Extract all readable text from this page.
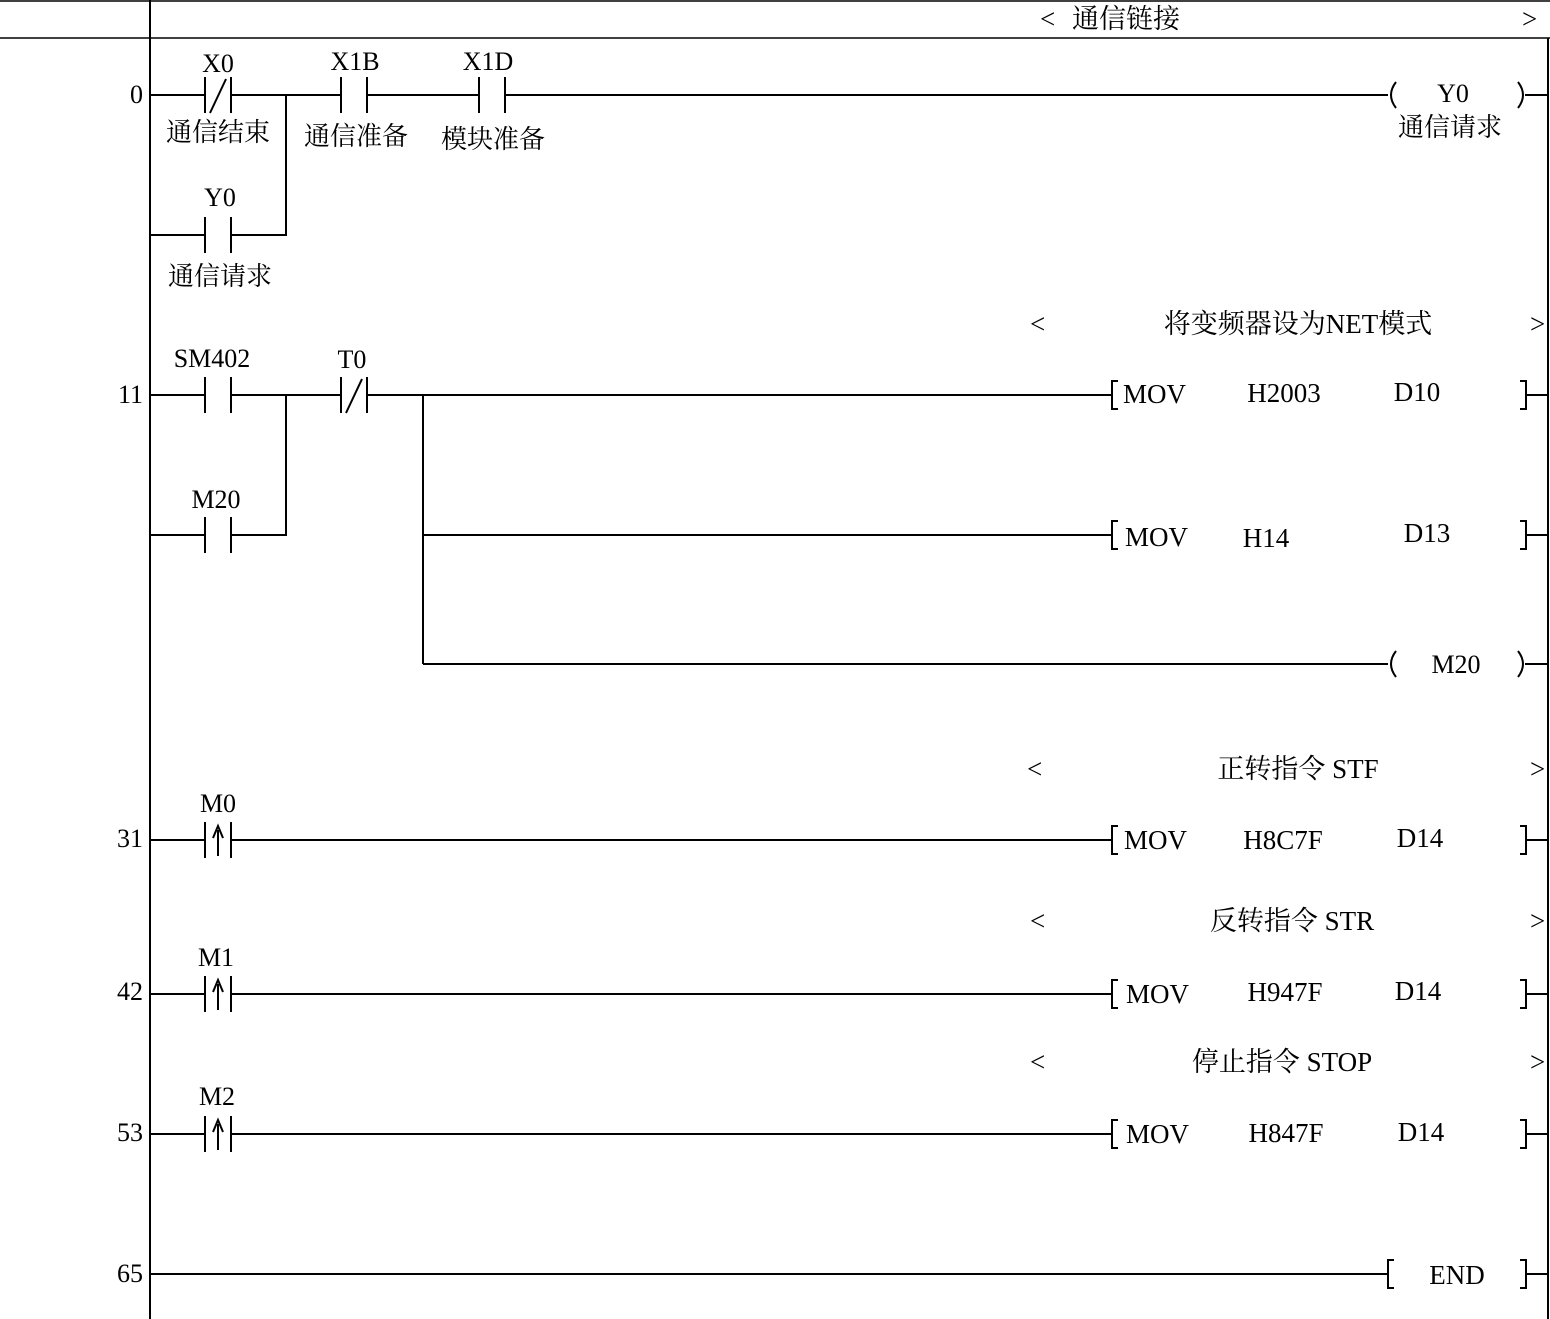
< 通信链接	>
0
X0
通信结束
X1B
通信准备
X1D
模块准备
Y0
通信请求
Y0
通信请求
<	将变频器设为NET模式	>
11
SM402
M20
T0
MOV H2003	D10
MOV H14	D13
M20
<	正转指令 STF	>
31
M0
MOV H8C7F	D14
<	反转指令 STR	>
42
M1
MOV H947F	D14
<	停止指令 STOP	>
53
M2
MOV H847F	D14
65	END
